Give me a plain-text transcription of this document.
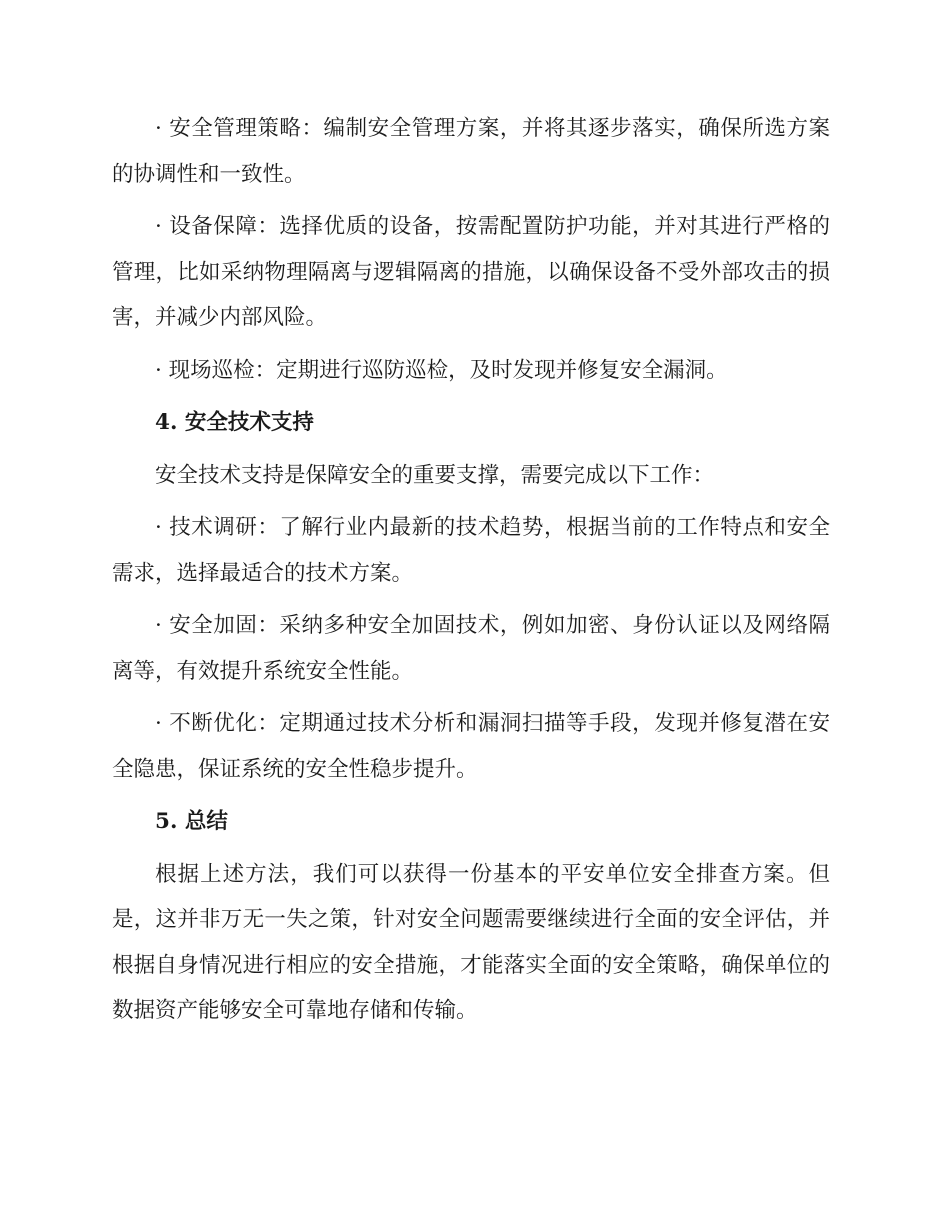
· 安全管理策略：编制安全管理方案，并将其逐步落实，确保所选方案的协调性和一致性。

· 设备保障：选择优质的设备，按需配置防护功能，并对其进行严格的管理，比如采纳物理隔离与逻辑隔离的措施，以确保设备不受外部攻击的损害，并减少内部风险。

· 现场巡检：定期进行巡防巡检，及时发现并修复安全漏洞。

4. 安全技术支持

安全技术支持是保障安全的重要支撑，需要完成以下工作：

· 技术调研：了解行业内最新的技术趋势，根据当前的工作特点和安全需求，选择最适合的技术方案。

· 安全加固：采纳多种安全加固技术，例如加密、身份认证以及网络隔离等，有效提升系统安全性能。

· 不断优化：定期通过技术分析和漏洞扫描等手段，发现并修复潜在安全隐患，保证系统的安全性稳步提升。

5. 总结

根据上述方法，我们可以获得一份基本的平安单位安全排查方案。但是，这并非万无一失之策，针对安全问题需要继续进行全面的安全评估，并根据自身情况进行相应的安全措施，才能落实全面的安全策略，确保单位的数据资产能够安全可靠地存储和传输。
